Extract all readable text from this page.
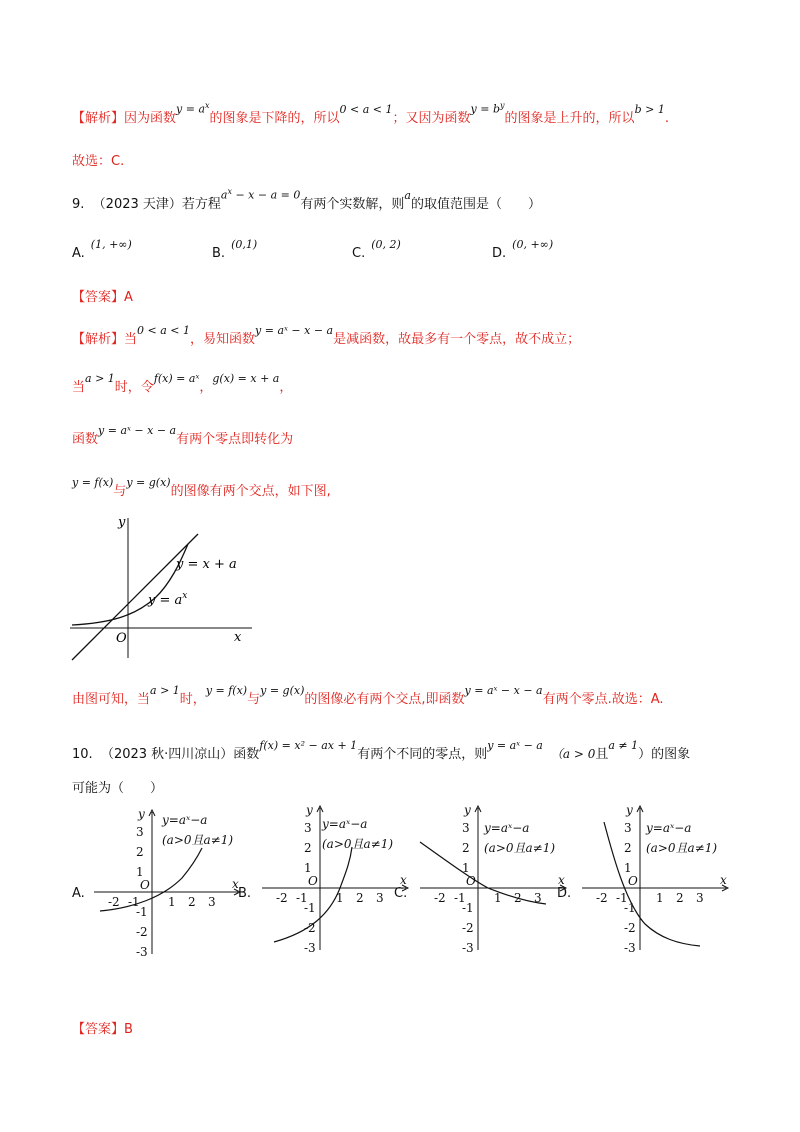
【解析】因为函数$y = a^x$的图象是下降的，所以0 < a < 1；又因为函数$y = b^y$的图象是上升的，所以b > 1.
故选：C.
9. （2023 天津）若方程$a^x - x - a = 0$有两个实数解，则a的取值范围是（　　）
A.(1, +∞)
B.(0,1)
C.(0, 2)
D.(0, +∞)
【答案】A
【解析】当0 < a < 1，易知函数y = aˣ − x − a是减函数，故最多有一个零点，故不成立；
当a > 1时，令f(x) = aˣ，g(x) = x + a，
函数y = aˣ − x − a有两个零点即转化为
y = f(x)与y = g(x)的图像有两个交点，如下图,
y
x
O
y = x + a
$y = a^x$
由图可知，当a > 1时，y = f(x)与y = g(x)的图像必有两个交点,即函数y = aˣ − x − a有两个零点.故选：A.
10. （2023 秋·四川凉山）函数f(x) = x² − ax + 1有两个不同的零点，则y = aˣ − a（a > 0且a ≠ 1）的图象
可能为（　　）
A.	B.	C.	D.
x
y
O
-2 -1 1 2 3
3
2
1
-1
-2
-3
y=aˣ−a
(a>0且a≠1)
x
y
O
-2 -1 1 2 3
3
2
1
-1
-2
-3
y=aˣ−a
(a>0且a≠1)
x
y
O
-2 -1 1 2 3
3
2
1
-1
-2
-3
y=aˣ−a
(a>0且a≠1)
x
y
O
-2 -1 1 2 3
3
2
1
-1
-2
-3
y=aˣ−a
(a>0且a≠1)
【答案】B
